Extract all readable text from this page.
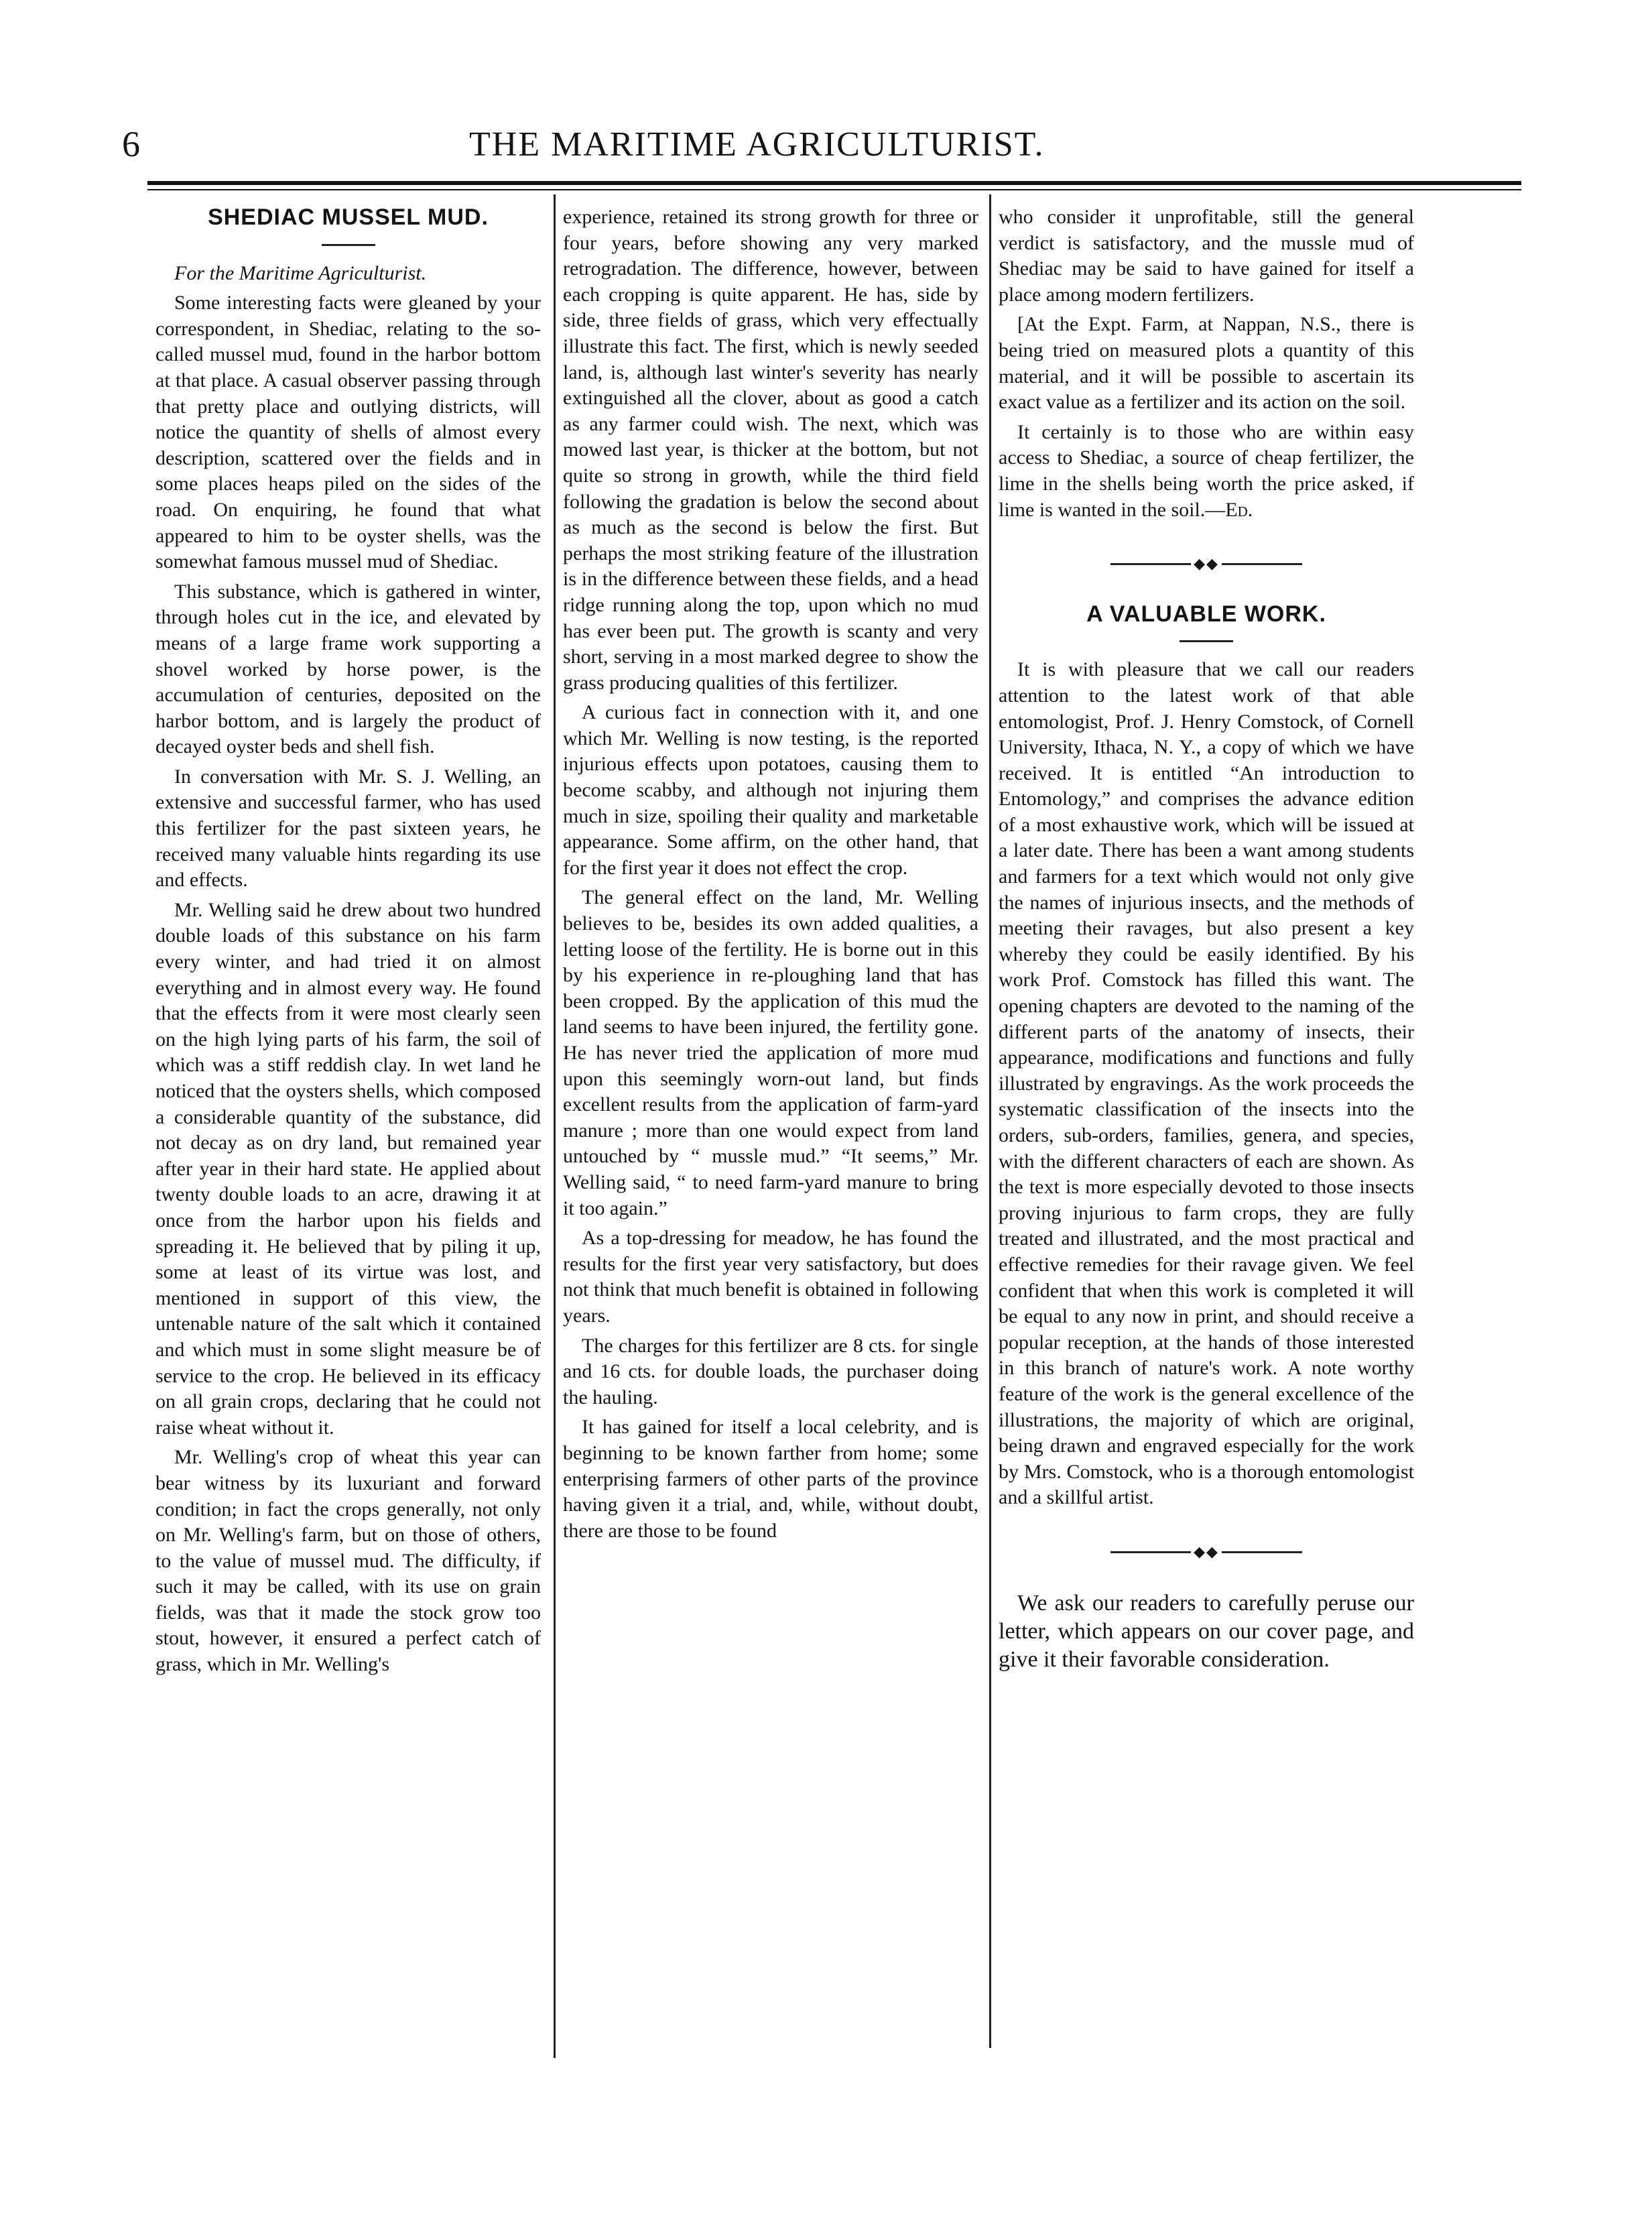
6	THE MARITIME AGRICULTURIST.
SHEDIAC MUSSEL MUD.

For the Maritime Agriculturist.

Some interesting facts were gleaned by your correspondent, in Shediac, relating to the so-called mussel mud, found in the harbor bottom at that place. A casual observer passing through that pretty place and outlying districts, will notice the quantity of shells of almost every description, scattered over the fields and in some places heaps piled on the sides of the road. On enquiring, he found that what appeared to him to be oyster shells, was the somewhat famous mussel mud of Shediac.

This substance, which is gathered in winter, through holes cut in the ice, and elevated by means of a large frame work supporting a shovel worked by horse power, is the accumulation of centuries, deposited on the harbor bottom, and is largely the product of decayed oyster beds and shell fish.

In conversation with Mr. S. J. Welling, an extensive and successful farmer, who has used this fertilizer for the past sixteen years, he received many valuable hints regarding its use and effects.

Mr. Welling said he drew about two hundred double loads of this substance on his farm every winter, and had tried it on almost everything and in almost every way. He found that the effects from it were most clearly seen on the high lying parts of his farm, the soil of which was a stiff reddish clay. In wet land he noticed that the oysters shells, which composed a considerable quantity of the substance, did not decay as on dry land, but remained year after year in their hard state. He applied about twenty double loads to an acre, drawing it at once from the harbor upon his fields and spreading it. He believed that by piling it up, some at least of its virtue was lost, and mentioned in support of this view, the untenable nature of the salt which it contained and which must in some slight measure be of service to the crop. He believed in its efficacy on all grain crops, declaring that he could not raise wheat without it.

Mr. Welling's crop of wheat this year can bear witness by its luxuriant and forward condition; in fact the crops generally, not only on Mr. Welling's farm, but on those of others, to the value of mussel mud. The difficulty, if such it may be called, with its use on grain fields, was that it made the stock grow too stout, however, it ensured a perfect catch of grass, which in Mr. Welling's

experience, retained its strong growth for three or four years, before showing any very marked retrogradation. The difference, however, between each cropping is quite apparent. He has, side by side, three fields of grass, which very effectually illustrate this fact. The first, which is newly seeded land, is, although last winter's severity has nearly extinguished all the clover, about as good a catch as any farmer could wish. The next, which was mowed last year, is thicker at the bottom, but not quite so strong in growth, while the third field following the gradation is below the second about as much as the second is below the first. But perhaps the most striking feature of the illustration is in the difference between these fields, and a head ridge running along the top, upon which no mud has ever been put. The growth is scanty and very short, serving in a most marked degree to show the grass producing qualities of this fertilizer.

A curious fact in connection with it, and one which Mr. Welling is now testing, is the reported injurious effects upon potatoes, causing them to become scabby, and although not injuring them much in size, spoiling their quality and marketable appearance. Some affirm, on the other hand, that for the first year it does not effect the crop.

The general effect on the land, Mr. Welling believes to be, besides its own added qualities, a letting loose of the fertility. He is borne out in this by his experience in re-ploughing land that has been cropped. By the application of this mud the land seems to have been injured, the fertility gone. He has never tried the application of more mud upon this seemingly worn-out land, but finds excellent results from the application of farm-yard manure ; more than one would expect from land untouched by “ mussle mud.” “It seems,” Mr. Welling said, “ to need farm-yard manure to bring it too again.”

As a top-dressing for meadow, he has found the results for the first year very satisfactory, but does not think that much benefit is obtained in following years.

The charges for this fertilizer are 8 cts. for single and 16 cts. for double loads, the purchaser doing the hauling.

It has gained for itself a local celebrity, and is beginning to be known farther from home; some enterprising farmers of other parts of the province having given it a trial, and, while, without doubt, there are those to be found

who consider it unprofitable, still the general verdict is satisfactory, and the mussle mud of Shediac may be said to have gained for itself a place among modern fertilizers.

[At the Expt. Farm, at Nappan, N.S., there is being tried on measured plots a quantity of this material, and it will be possible to ascertain its exact value as a fertilizer and its action on the soil.

It certainly is to those who are within easy access to Shediac, a source of cheap fertilizer, the lime in the shells being worth the price asked, if lime is wanted in the soil.—Ed.

◆◆
A VALUABLE WORK.

It is with pleasure that we call our readers attention to the latest work of that able entomologist, Prof. J. Henry Comstock, of Cornell University, Ithaca, N. Y., a copy of which we have received. It is entitled “An introduction to Entomology,” and comprises the advance edition of a most exhaustive work, which will be issued at a later date. There has been a want among students and farmers for a text which would not only give the names of injurious insects, and the methods of meeting their ravages, but also present a key whereby they could be easily identified. By his work Prof. Comstock has filled this want. The opening chapters are devoted to the naming of the different parts of the anatomy of insects, their appearance, modifications and functions and fully illustrated by engravings. As the work proceeds the systematic classification of the insects into the orders, sub-orders, families, genera, and species, with the different characters of each are shown. As the text is more especially devoted to those insects proving injurious to farm crops, they are fully treated and illustrated, and the most practical and effective remedies for their ravage given. We feel confident that when this work is completed it will be equal to any now in print, and should receive a popular reception, at the hands of those interested in this branch of nature's work. A note worthy feature of the work is the general excellence of the illustrations, the majority of which are original, being drawn and engraved especially for the work by Mrs. Comstock, who is a thorough entomologist and a skillful artist.

◆◆

We ask our readers to carefully peruse our letter, which appears on our cover page, and give it their favorable consideration.
